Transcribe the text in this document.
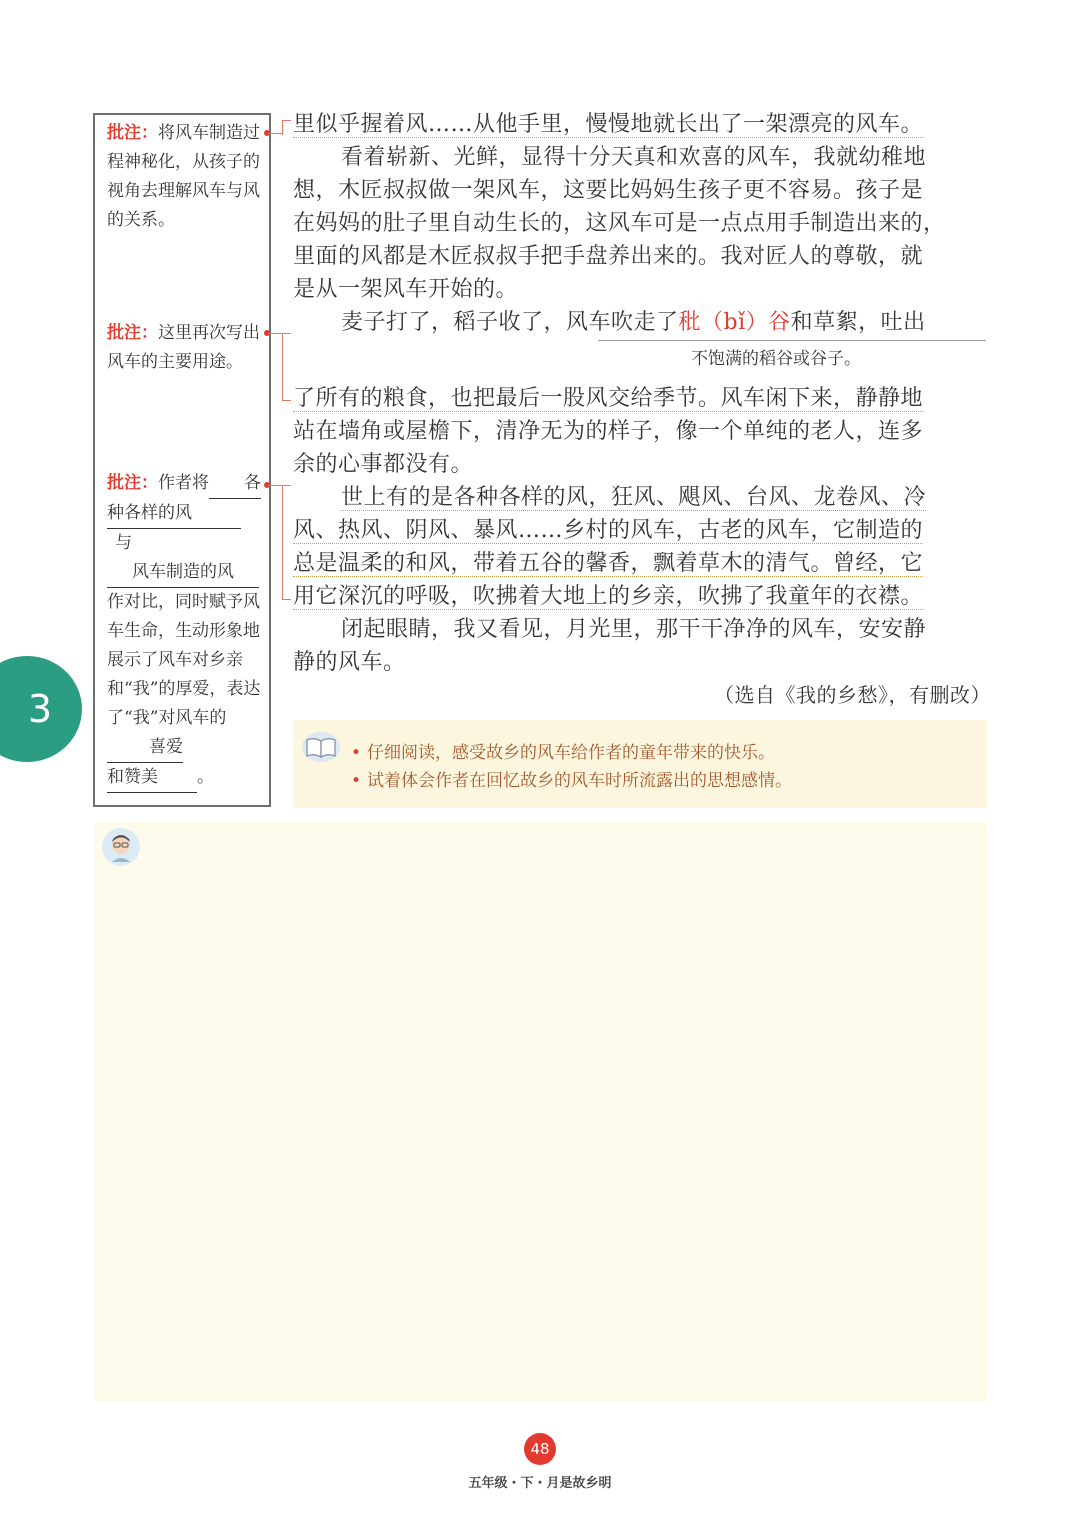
批注：将风车制造过程神秘化，从孩子的视角去理解风车与风的关系。
批注：这里再次写出风车的主要用途。
批注：作者将 各种各样的风与风车制造的风作对比，同时赋予风车生命，生动形象地展示了风车对乡亲和“我”的厚爱，表达了“我”对风车的喜爱
和赞美 。
3
里似乎握着风……从他手里，慢慢地就长出了一架漂亮的风车。
看着崭新、光鲜，显得十分天真和欢喜的风车，我就幼稚地
想，木匠叔叔做一架风车，这要比妈妈生孩子更不容易。孩子是
在妈妈的肚子里自动生长的，这风车可是一点点用手制造出来的，
里面的风都是木匠叔叔手把手盘养出来的。我对匠人的尊敬，就
是从一架风车开始的。
麦子打了，稻子收了，风车吹走了秕（bǐ）谷和草絮，吐出
了所有的粮食，也把最后一股风交给季节。风车闲下来，静静地
站在墙角或屋檐下，清净无为的样子，像一个单纯的老人，连多
余的心事都没有。
世上有的是各种各样的风，狂风、飓风、台风、龙卷风、冷
风、热风、阴风、暴风……乡村的风车，古老的风车，它制造的
总是温柔的和风，带着五谷的馨香，飘着草木的清气。曾经，它
用它深沉的呼吸，吹拂着大地上的乡亲，吹拂了我童年的衣襟。
闭起眼睛，我又看见，月光里，那干干净净的风车，安安静
静的风车。
（选自《我的乡愁》，有删改）
不饱满的稻谷或谷子。
• 仔细阅读，感受故乡的风车给作者的童年带来的快乐。
• 试着体会作者在回忆故乡的风车时所流露出的思想感情。
48
五年级・下・月是故乡明
